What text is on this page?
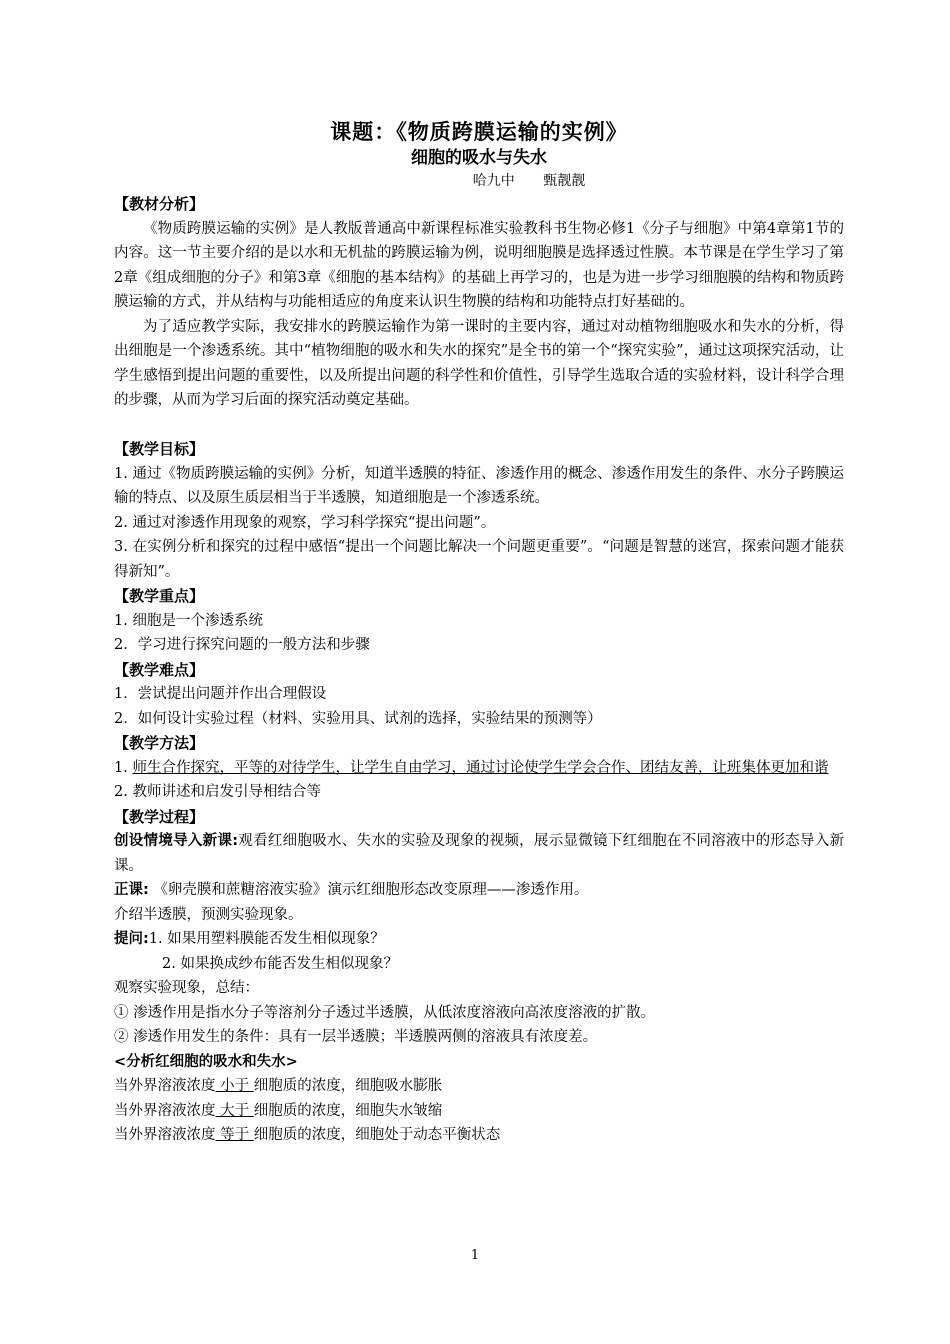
课题：《物质跨膜运输的实例》
细胞的吸水与失水
哈九中　 甄靓靓
【教材分析】
《物质跨膜运输的实例》是人教版普通高中新课程标准实验教科书生物必修1《分子与细胞》中第4章第1节的内容。这一节主要介绍的是以水和无机盐的跨膜运输为例，说明细胞膜是选择透过性膜。本节课是在学生学习了第2章《组成细胞的分子》和第3章《细胞的基本结构》的基础上再学习的，也是为进一步学习细胞膜的结构和物质跨膜运输的方式，并从结构与功能相适应的角度来认识生物膜的结构和功能特点打好基础的。
为了适应教学实际，我安排水的跨膜运输作为第一课时的主要内容，通过对动植物细胞吸水和失水的分析，得出细胞是一个渗透系统。其中“植物细胞的吸水和失水的探究”是全书的第一个“探究实验”，通过这项探究活动，让学生感悟到提出问题的重要性，以及所提出问题的科学性和价值性，引导学生选取合适的实验材料，设计科学合理的步骤，从而为学习后面的探究活动奠定基础。
【教学目标】
1. 通过《物质跨膜运输的实例》分析，知道半透膜的特征、渗透作用的概念、渗透作用发生的条件、水分子跨膜运输的特点、以及原生质层相当于半透膜，知道细胞是一个渗透系统。
2. 通过对渗透作用现象的观察，学习科学探究“提出问题”。
3. 在实例分析和探究的过程中感悟“提出一个问题比解决一个问题更重要”。“问题是智慧的迷宫，探索问题才能获得新知”。
【教学重点】
1. 细胞是一个渗透系统
2．学习进行探究问题的一般方法和步骤
【教学难点】
1．尝试提出问题并作出合理假设
2．如何设计实验过程（材料、实验用具、试剂的选择，实验结果的预测等）
【教学方法】
1. 师生合作探究，平等的对待学生，让学生自由学习，通过讨论使学生学会合作、团结友善，让班集体更加和谐
2. 教师讲述和启发引导相结合等
【教学过程】
创设情境导入新课:观看红细胞吸水、失水的实验及现象的视频，展示显微镜下红细胞在不同溶液中的形态导入新课。
正课: 《卵壳膜和蔗糖溶液实验》演示红细胞形态改变原理——渗透作用。
介绍半透膜，预测实验现象。
提问:1. 如果用塑料膜能否发生相似现象？
2. 如果换成纱布能否发生相似现象？
观察实验现象，总结：
① 渗透作用是指水分子等溶剂分子透过半透膜，从低浓度溶液向高浓度溶液的扩散。
② 渗透作用发生的条件：具有一层半透膜；半透膜两侧的溶液具有浓度差。
<分析红细胞的吸水和失水>
当外界溶液浓度 小于 细胞质的浓度，细胞吸水膨胀
当外界溶液浓度 大于 细胞质的浓度，细胞失水皱缩
当外界溶液浓度 等于 细胞质的浓度，细胞处于动态平衡状态
1
